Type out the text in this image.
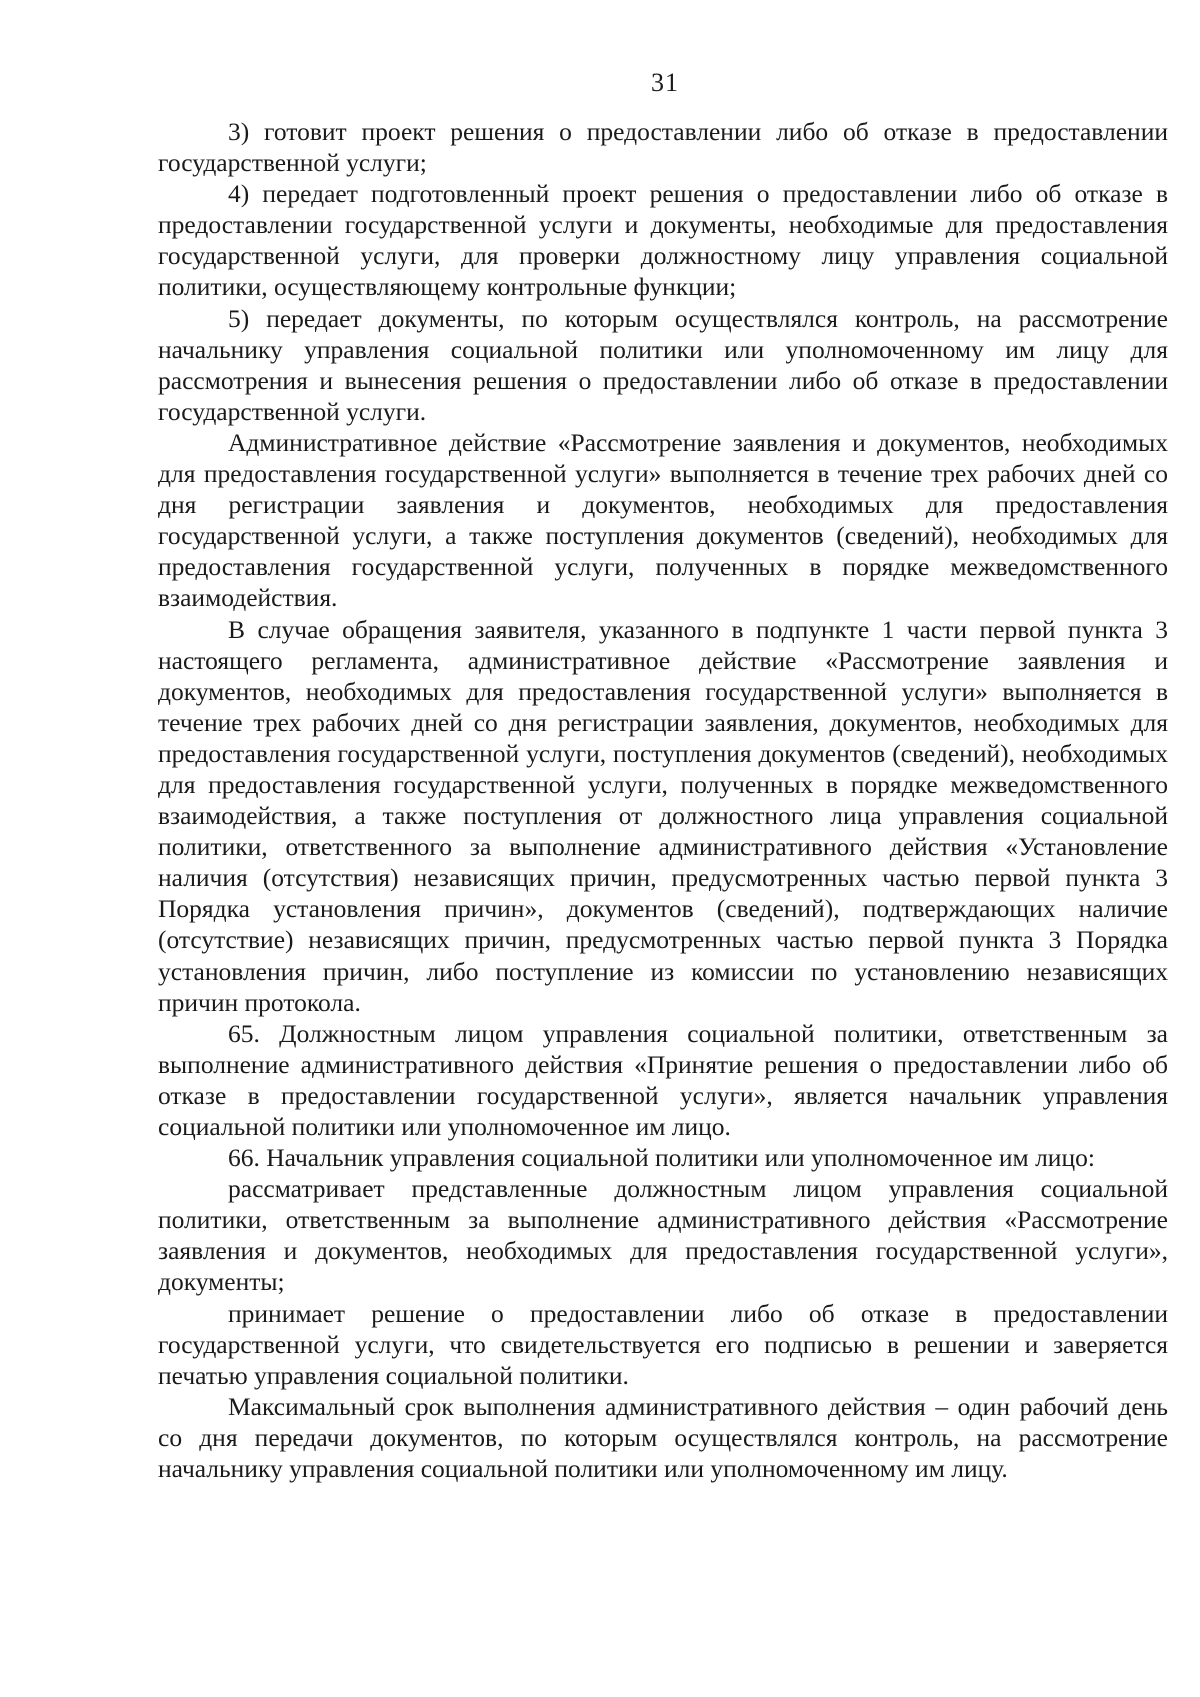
31

3) готовит проект решения о предоставлении либо об отказе в предоставлении государственной услуги;

4) передает подготовленный проект решения о предоставлении либо об отказе в предоставлении государственной услуги и документы, необходимые для предоставления государственной услуги, для проверки должностному лицу управления социальной политики, осуществляющему контрольные функции;

5) передает документы, по которым осуществлялся контроль, на рассмотрение начальнику управления социальной политики или уполномоченному им лицу для рассмотрения и вынесения решения о предоставлении либо об отказе в предоставлении государственной услуги.

Административное действие «Рассмотрение заявления и документов, необходимых для предоставления государственной услуги» выполняется в течение трех рабочих дней со дня регистрации заявления и документов, необходимых для предоставления государственной услуги, а также поступления документов (сведений), необходимых для предоставления государственной услуги, полученных в порядке межведомственного взаимодействия.

В случае обращения заявителя, указанного в подпункте 1 части первой пункта 3 настоящего регламента, административное действие «Рассмотрение заявления и документов, необходимых для предоставления государственной услуги» выполняется в течение трех рабочих дней со дня регистрации заявления, документов, необходимых для предоставления государственной услуги, поступления документов (сведений), необходимых для предоставления государственной услуги, полученных в порядке межведомственного взаимодействия, а также поступления от должностного лица управления социальной политики, ответственного за выполнение административного действия «Установление наличия (отсутствия) независящих причин, предусмотренных частью первой пункта 3 Порядка установления причин», документов (сведений), подтверждающих наличие (отсутствие) независящих причин, предусмотренных частью первой пункта 3 Порядка установления причин, либо поступление из комиссии по установлению независящих причин протокола.

65. Должностным лицом управления социальной политики, ответственным за выполнение административного действия «Принятие решения о предоставлении либо об отказе в предоставлении государственной услуги», является начальник управления социальной политики или уполномоченное им лицо.

66. Начальник управления социальной политики или уполномоченное им лицо:

рассматривает представленные должностным лицом управления социальной политики, ответственным за выполнение административного действия «Рассмотрение заявления и документов, необходимых для предоставления государственной услуги», документы;

принимает решение о предоставлении либо об отказе в предоставлении государственной услуги, что свидетельствуется его подписью в решении и заверяется печатью управления социальной политики.

Максимальный срок выполнения административного действия – один рабочий день со дня передачи документов, по которым осуществлялся контроль, на рассмотрение начальнику управления социальной политики или уполномоченному им лицу.
